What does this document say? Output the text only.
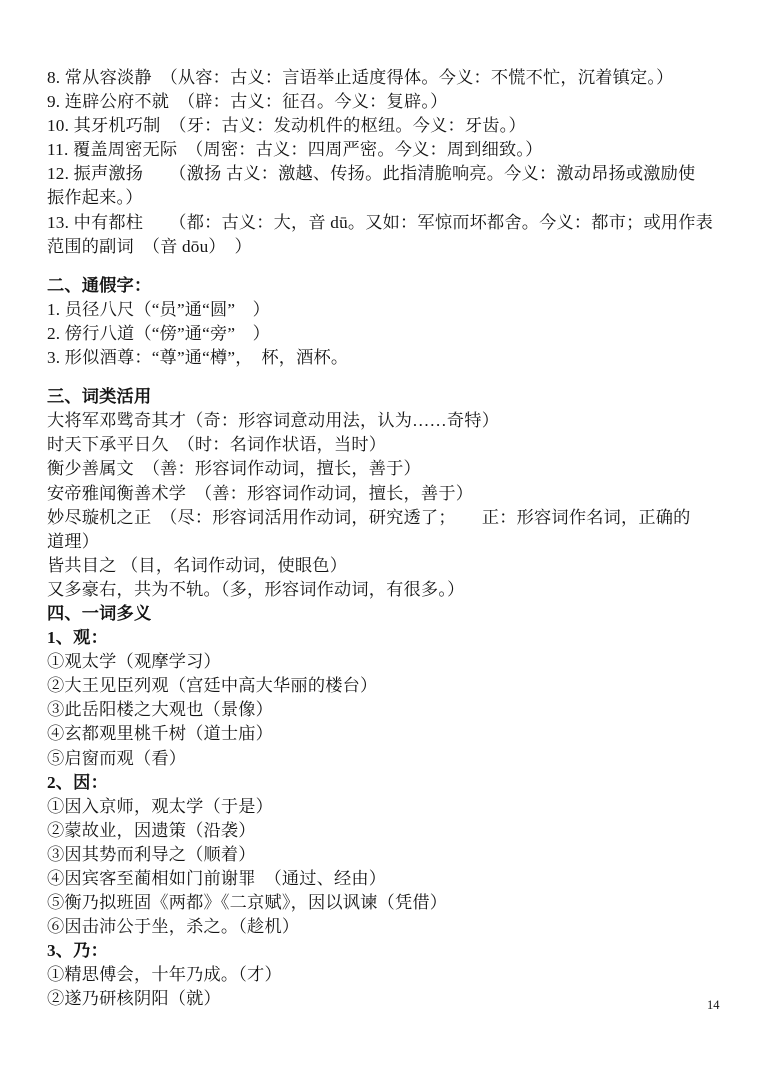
8. 常从容淡静　（从容：古义：言语举止适度得体。今义：不慌不忙，沉着镇定。）
9. 连辟公府不就　（辟：古义：征召。今义：复辟。）
10. 其牙机巧制　（牙：古义：发动机件的枢纽。今义：牙齿。）
11. 覆盖周密无际　（周密：古义：四周严密。今义：周到细致。）
12. 振声激扬　　（激扬 古义：激越、传扬。此指清脆响亮。今义：激动昂扬或激励使
振作起来。）
13. 中有都柱　　（都：古义：大，音 dū。又如：军惊而坏都舍。今义：都市；或用作表
范围的副词　（音 dōu）　）
二、通假字：
1. 员径八尺（“员”通“圆”　）
2. 傍行八道（“傍”通“旁”　）
3. 形似酒尊：“尊”通“樽”，　杯，酒杯。
三、词类活用
大将军邓骘奇其才（奇：形容词意动用法，认为……奇特）
时天下承平日久　（时：名词作状语，当时）
衡少善属文　（善：形容词作动词，擅长，善于）
安帝雅闻衡善术学　（善：形容词作动词，擅长，善于）
妙尽璇机之正　（尽：形容词活用作动词，研究透了；　　正：形容词作名词，正确的
道理）
皆共目之 （目，名词作动词，使眼色）
又多豪右，共为不轨。（多，形容词作动词，有很多。）
四、一词多义
1、观：
①观太学（观摩学习）
②大王见臣列观（宫廷中高大华丽的楼台）
③此岳阳楼之大观也（景像）
④玄都观里桃千树（道士庙）
⑤启窗而观（看）
2、因：
①因入京师，观太学（于是）
②蒙故业，因遗策（沿袭）
③因其势而利导之（顺着）
④因宾客至蔺相如门前谢罪　（通过、经由）
⑤衡乃拟班固《两都》《二京赋》，因以讽谏（凭借）
⑥因击沛公于坐，杀之。（趁机）
3、乃：
①精思傅会，十年乃成。（才）
②遂乃研核阴阳（就）	14
